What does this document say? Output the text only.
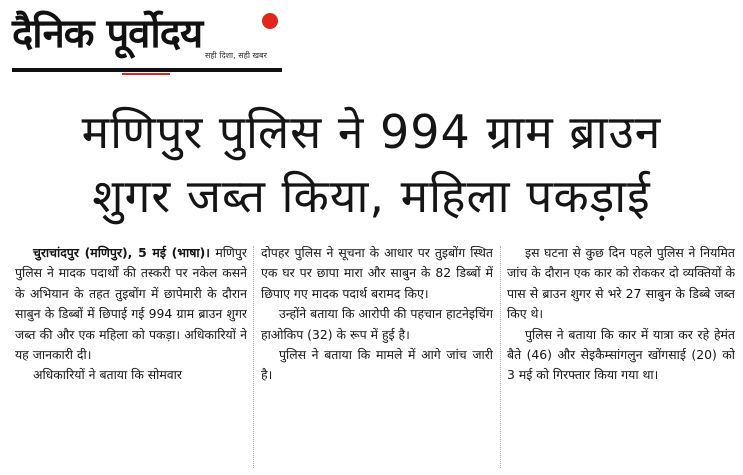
दैनिक पूर्वोदय सही दिशा, सही खबर
मणिपुर पुलिस ने 994 ग्राम ब्राउन
शुगर जब्त किया, महिला पकड़ाई

चुराचांदपुर (मणिपुर), 5 मई (भाषा)। मणिपुर पुलिस ने मादक पदार्थों की तस्करी पर नकेल कसने के अभियान के तहत तुइबोंग में छापेमारी के दौरान साबुन के डिब्बों में छिपाई गई 994 ग्राम ब्राउन शुगर जब्त की और एक महिला को पकड़ा। अधिकारियों ने यह जानकारी दी।

अधिकारियों ने बताया कि सोमवार

दोपहर पुलिस ने सूचना के आधार पर तुइबोंग स्थित एक घर पर छापा मारा और साबुन के 82 डिब्बों में छिपाए गए मादक पदार्थ बरामद किए।

उन्होंने बताया कि आरोपी की पहचान हाटनेइचिंग हाओकिप (32) के रूप में हुई है।

पुलिस ने बताया कि मामले में आगे जांच जारी है।

इस घटना से कुछ दिन पहले पुलिस ने नियमित जांच के दौरान एक कार को रोककर दो व्यक्तियों के पास से ब्राउन शुगर से भरे 27 साबुन के डिब्बे जब्त किए थे।

पुलिस ने बताया कि कार में यात्रा कर रहे हेमंत बैते (46) और सेइकैम्सांगलुन खोंगसाई (20) को 3 मई को गिरफ्तार किया गया था।
